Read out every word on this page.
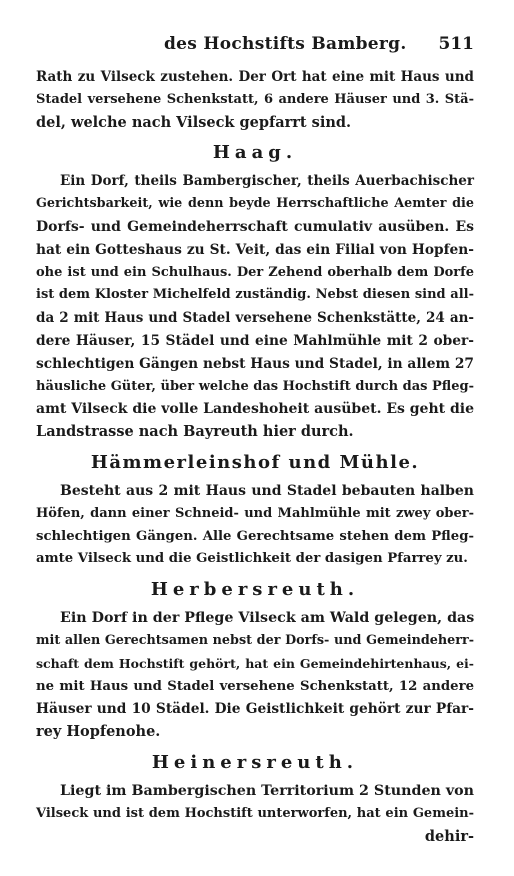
des Hochstifts Bamberg. 511
Rath zu Vilseck zustehen. Der Ort hat eine mit Haus und
Stadel versehene Schenkstatt, 6 andere Häuser und 3. Stä-
del, welche nach Vilseck gepfarrt sind.
Haag.
Ein Dorf, theils Bambergischer, theils Auerbachischer
Gerichtsbarkeit, wie denn beyde Herrschaftliche Aemter die
Dorfs- und Gemeindeherrschaft cumulativ ausüben. Es
hat ein Gotteshaus zu St. Veit, das ein Filial von Hopfen-
ohe ist und ein Schulhaus. Der Zehend oberhalb dem Dorfe
ist dem Kloster Michelfeld zuständig. Nebst diesen sind all-
da 2 mit Haus und Stadel versehene Schenkstätte, 24 an-
dere Häuser, 15 Städel und eine Mahlmühle mit 2 ober-
schlechtigen Gängen nebst Haus und Stadel, in allem 27
häusliche Güter, über welche das Hochstift durch das Pfleg-
amt Vilseck die volle Landeshoheit ausübet. Es geht die
Landstrasse nach Bayreuth hier durch.
Hämmerleinshof und Mühle.
Besteht aus 2 mit Haus und Stadel bebauten halben
Höfen, dann einer Schneid- und Mahlmühle mit zwey ober-
schlechtigen Gängen. Alle Gerechtsame stehen dem Pfleg-
amte Vilseck und die Geistlichkeit der dasigen Pfarrey zu.
Herbersreuth.
Ein Dorf in der Pflege Vilseck am Wald gelegen, das
mit allen Gerechtsamen nebst der Dorfs- und Gemeindeherr-
schaft dem Hochstift gehört, hat ein Gemeindehirtenhaus, ei-
ne mit Haus und Stadel versehene Schenkstatt, 12 andere
Häuser und 10 Städel. Die Geistlichkeit gehört zur Pfar-
rey Hopfenohe.
Heinersreuth.
Liegt im Bambergischen Territorium 2 Stunden von
Vilseck und ist dem Hochstift unterworfen, hat ein Gemein-
dehir-
